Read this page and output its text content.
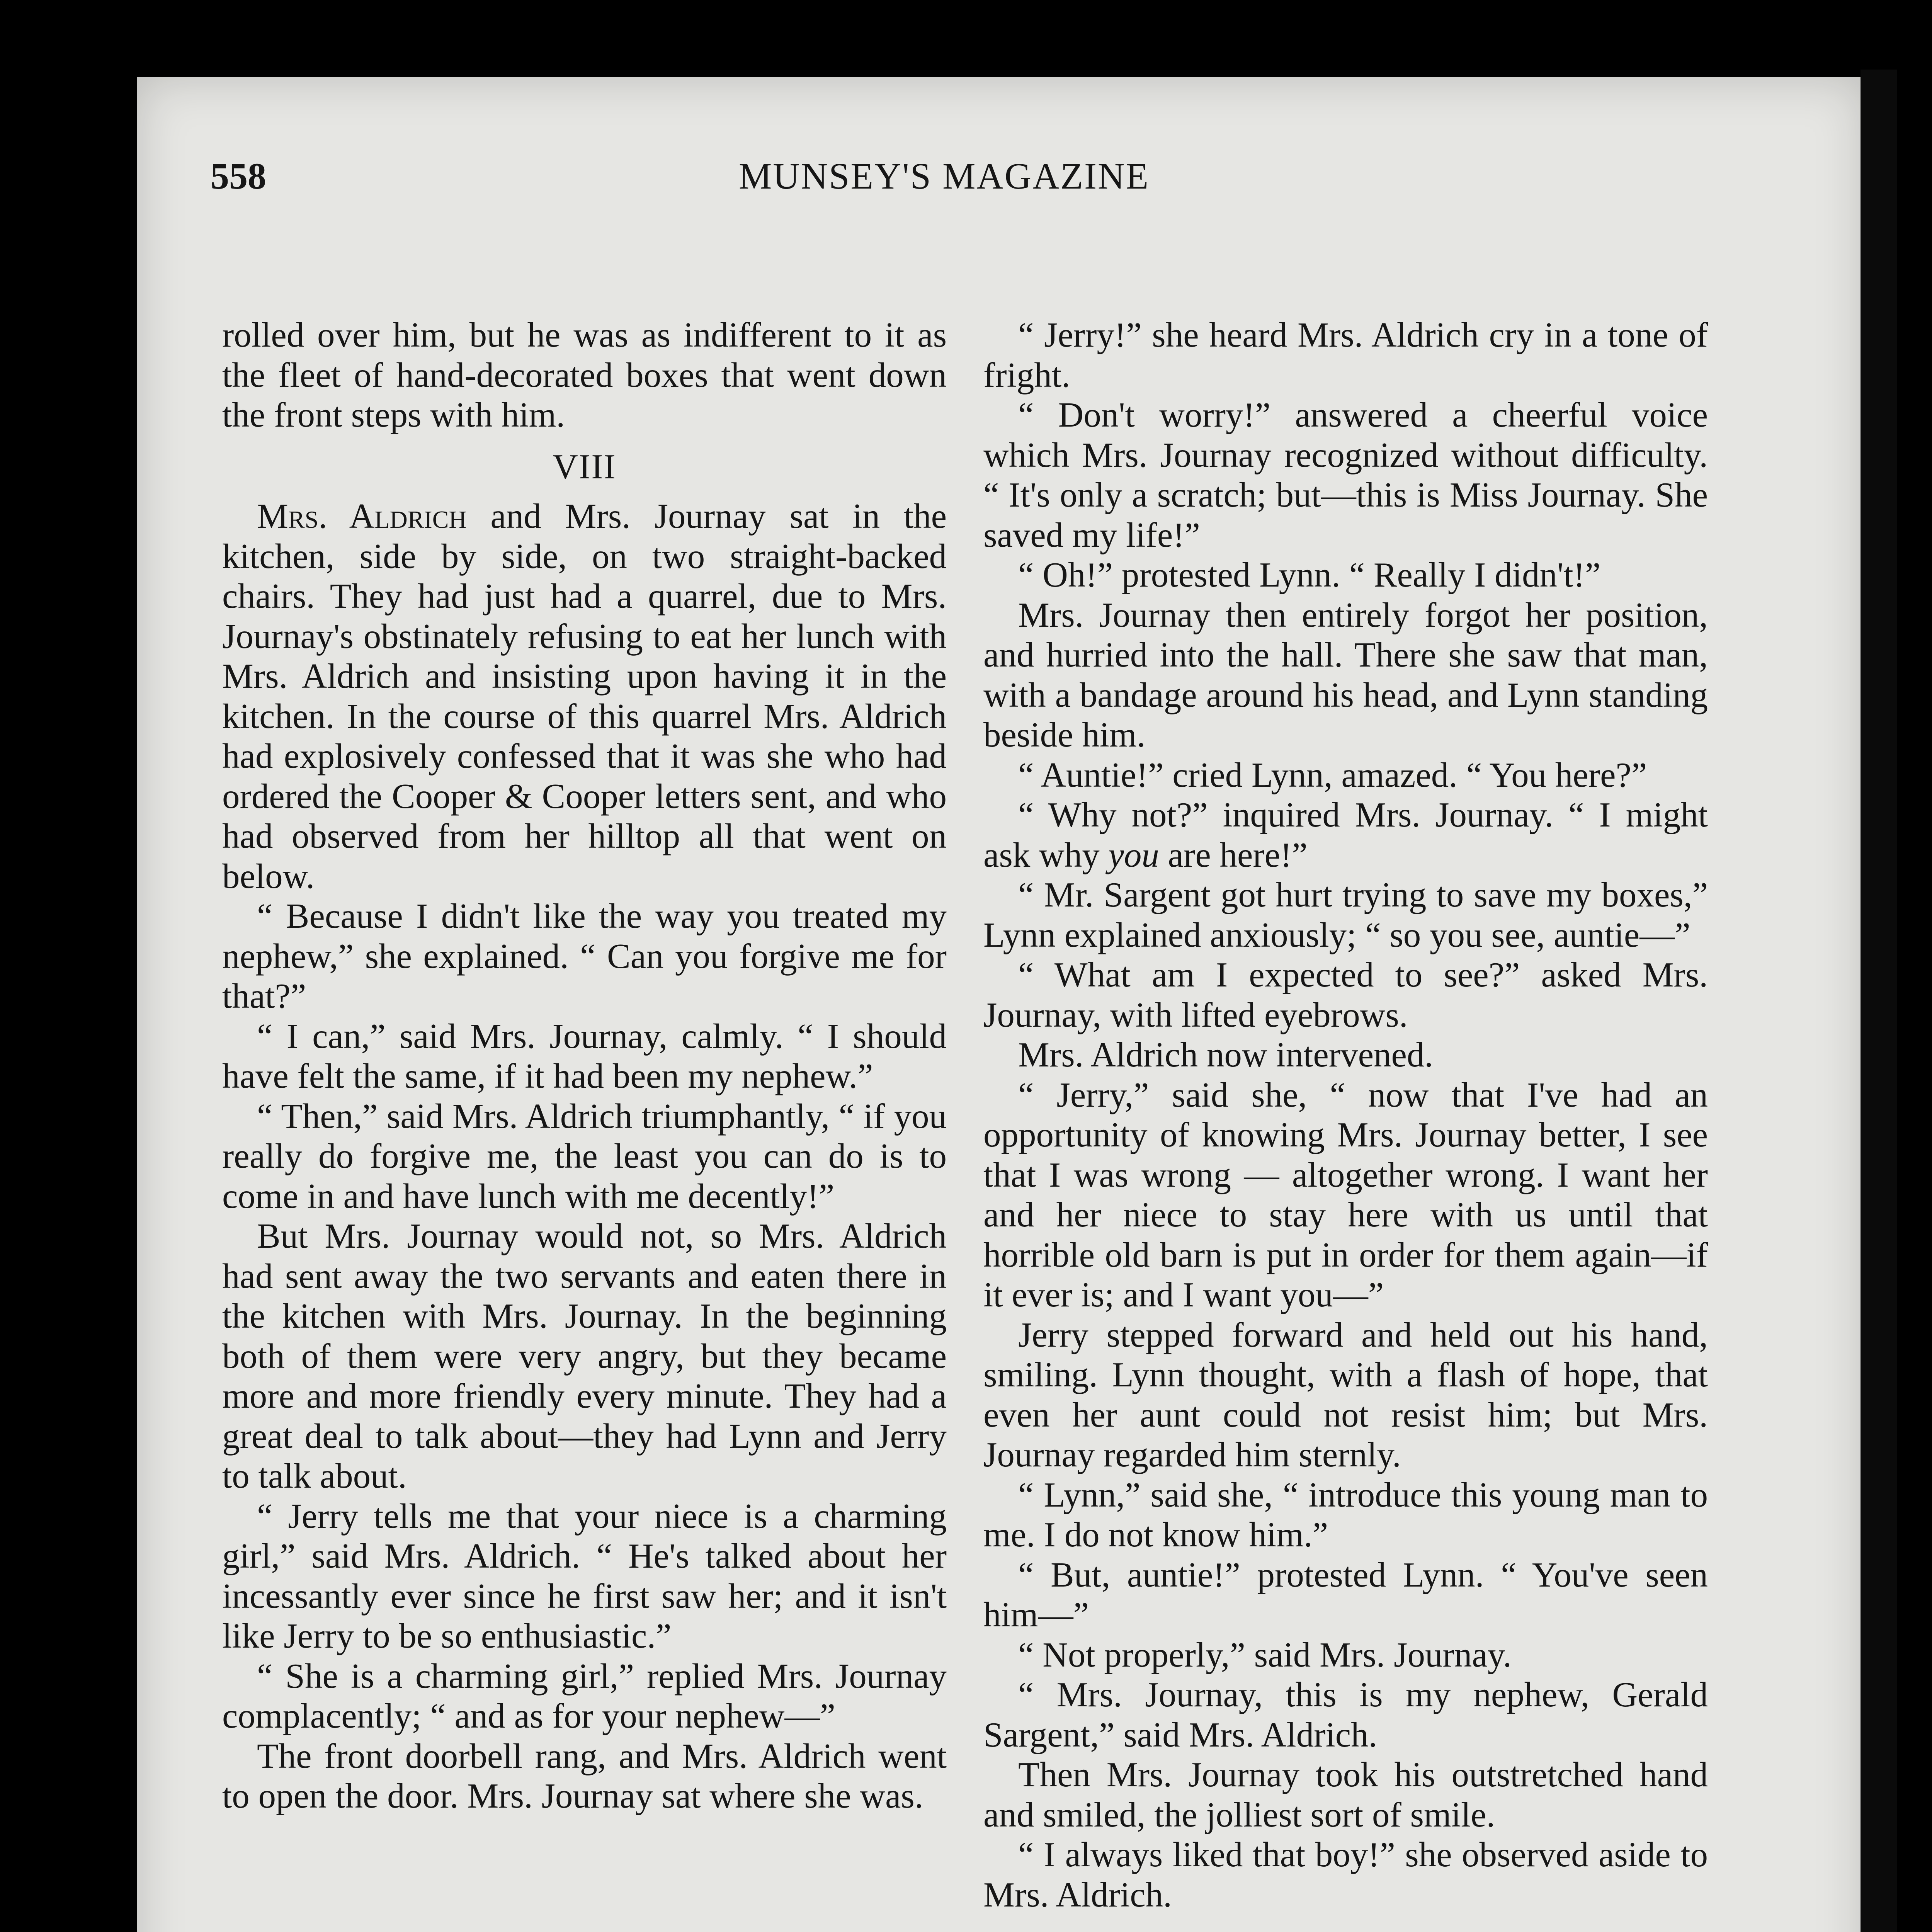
558	MUNSEY'S MAGAZINE

rolled over him, but he was as indifferent to it as the fleet of hand-decorated boxes that went down the front steps with him.

VIII

Mrs. Aldrich and Mrs. Journay sat in the kitchen, side by side, on two straight-backed chairs. They had just had a quarrel, due to Mrs. Journay's obstinately refusing to eat her lunch with Mrs. Aldrich and insisting upon having it in the kitchen. In the course of this quarrel Mrs. Aldrich had explosively confessed that it was she who had ordered the Cooper & Cooper letters sent, and who had observed from her hilltop all that went on below.

“ Because I didn't like the way you treated my nephew,” she explained. “ Can you forgive me for that?”

“ I can,” said Mrs. Journay, calmly. “ I should have felt the same, if it had been my nephew.”

“ Then,” said Mrs. Aldrich triumphantly, “ if you really do forgive me, the least you can do is to come in and have lunch with me decently!”

But Mrs. Journay would not, so Mrs. Aldrich had sent away the two servants and eaten there in the kitchen with Mrs. Journay. In the beginning both of them were very angry, but they became more and more friendly every minute. They had a great deal to talk about—they had Lynn and Jerry to talk about.

“ Jerry tells me that your niece is a charming girl,” said Mrs. Aldrich. “ He's talked about her incessantly ever since he first saw her; and it isn't like Jerry to be so enthusiastic.”

“ She is a charming girl,” replied Mrs. Journay complacently; “ and as for your nephew—”

The front doorbell rang, and Mrs. Aldrich went to open the door. Mrs. Journay sat where she was.

“ Jerry!” she heard Mrs. Aldrich cry in a tone of fright.

“ Don't worry!” answered a cheerful voice which Mrs. Journay recognized without difficulty. “ It's only a scratch; but—this is Miss Journay. She saved my life!”

“ Oh!” protested Lynn. “ Really I didn't!”

Mrs. Journay then entirely forgot her position, and hurried into the hall. There she saw that man, with a bandage around his head, and Lynn standing beside him.

“ Auntie!” cried Lynn, amazed. “ You here?”

“ Why not?” inquired Mrs. Journay. “ I might ask why you are here!”

“ Mr. Sargent got hurt trying to save my boxes,” Lynn explained anxiously; “ so you see, auntie—”

“ What am I expected to see?” asked Mrs. Journay, with lifted eyebrows.

Mrs. Aldrich now intervened.

“ Jerry,” said she, “ now that I've had an opportunity of knowing Mrs. Journay better, I see that I was wrong — altogether wrong. I want her and her niece to stay here with us until that horrible old barn is put in order for them again—if it ever is; and I want you—”

Jerry stepped forward and held out his hand, smiling. Lynn thought, with a flash of hope, that even her aunt could not resist him; but Mrs. Journay regarded him sternly.

“ Lynn,” said she, “ introduce this young man to me. I do not know him.”

“ But, auntie!” protested Lynn. “ You've seen him—”

“ Not properly,” said Mrs. Journay.

“ Mrs. Journay, this is my nephew, Gerald Sargent,” said Mrs. Aldrich.

Then Mrs. Journay took his outstretched hand and smiled, the jolliest sort of smile.

“ I always liked that boy!” she observed aside to Mrs. Aldrich.
